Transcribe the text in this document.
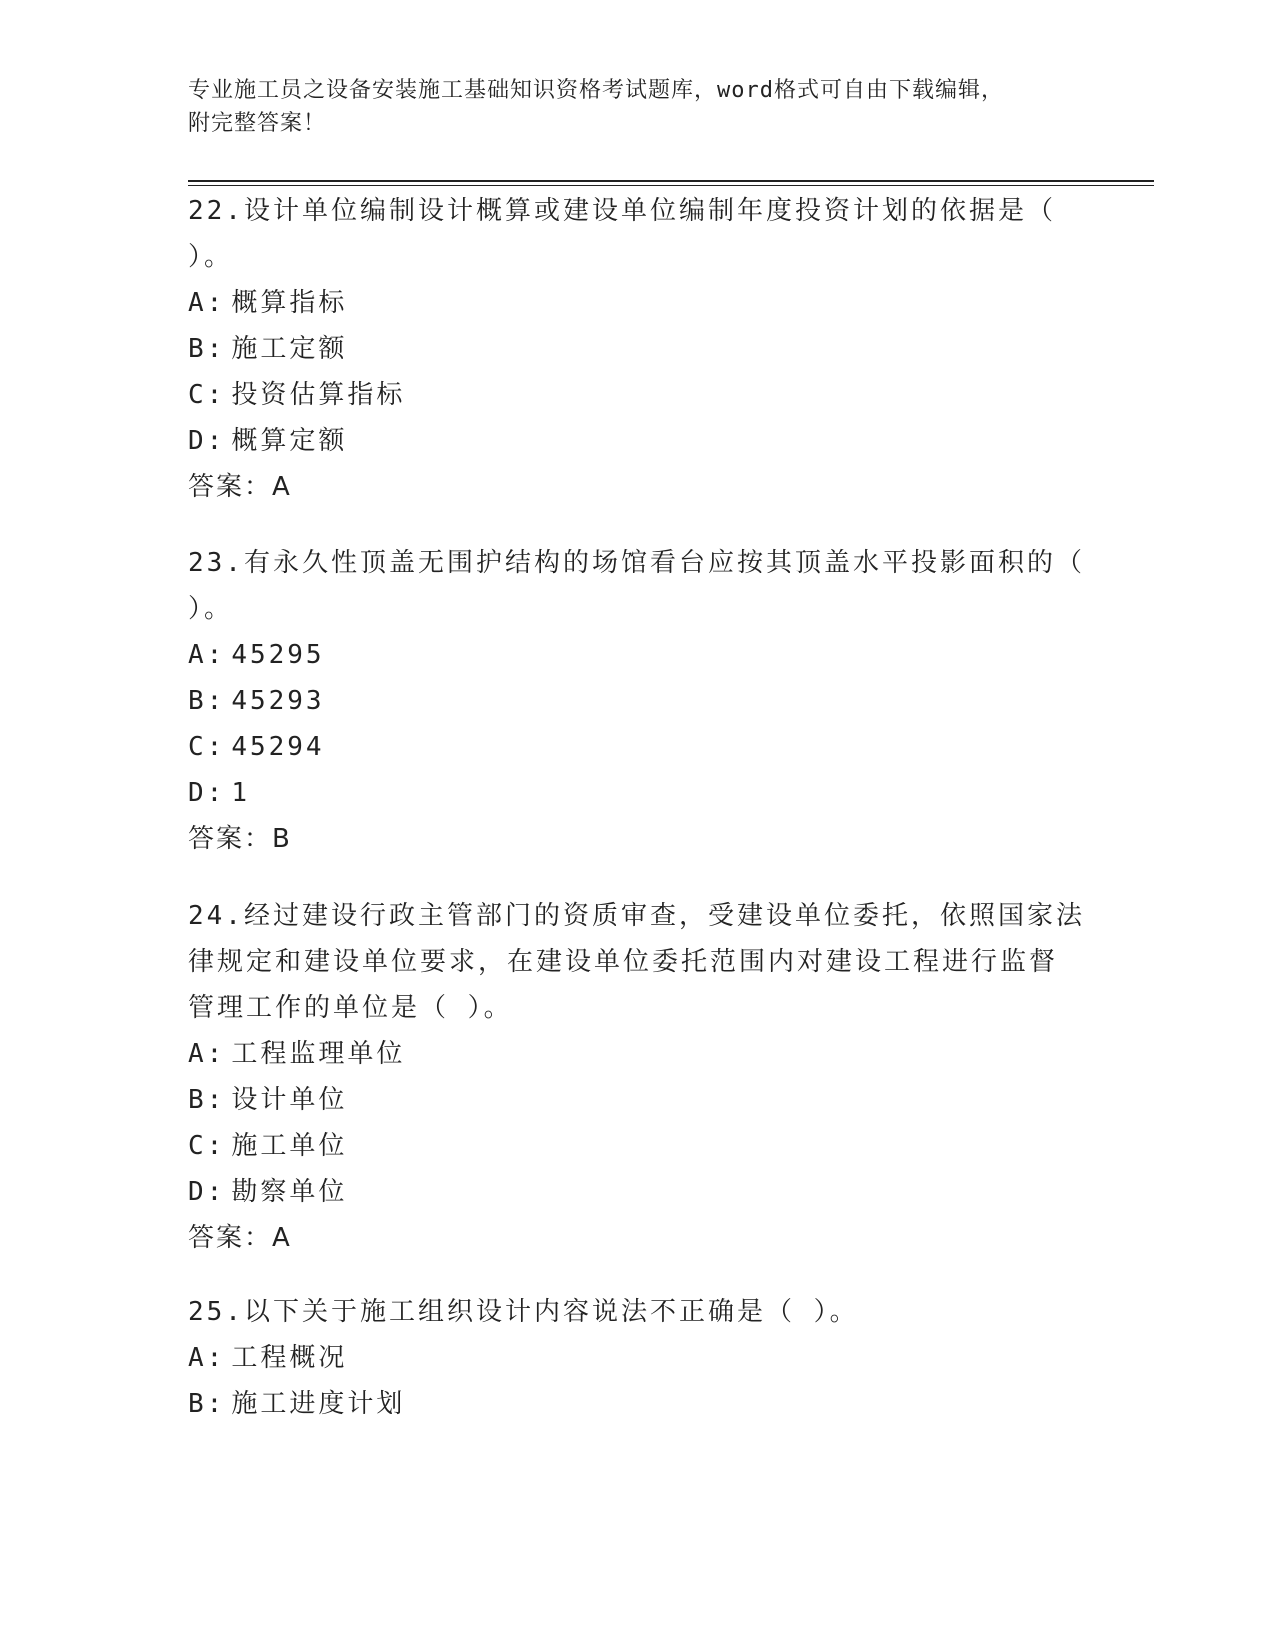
专业施工员之设备安装施工基础知识资格考试题库，word格式可自由下载编辑，
附完整答案！

22.设计单位编制设计概算或建设单位编制年度投资计划的依据是（

）。

A: 概算指标

B: 施工定额

C: 投资估算指标

D: 概算定额

答案：A

23.有永久性顶盖无围护结构的场馆看台应按其顶盖水平投影面积的（

）。

A: 45295

B: 45293

C: 45294

D: 1

答案：B

24.经过建设行政主管部门的资质审查，受建设单位委托，依照国家法

律规定和建设单位要求，在建设单位委托范围内对建设工程进行监督

管理工作的单位是（ ）。

A: 工程监理单位

B: 设计单位

C: 施工单位

D: 勘察单位

答案：A

25.以下关于施工组织设计内容说法不正确是（ ）。

A: 工程概况

B: 施工进度计划
